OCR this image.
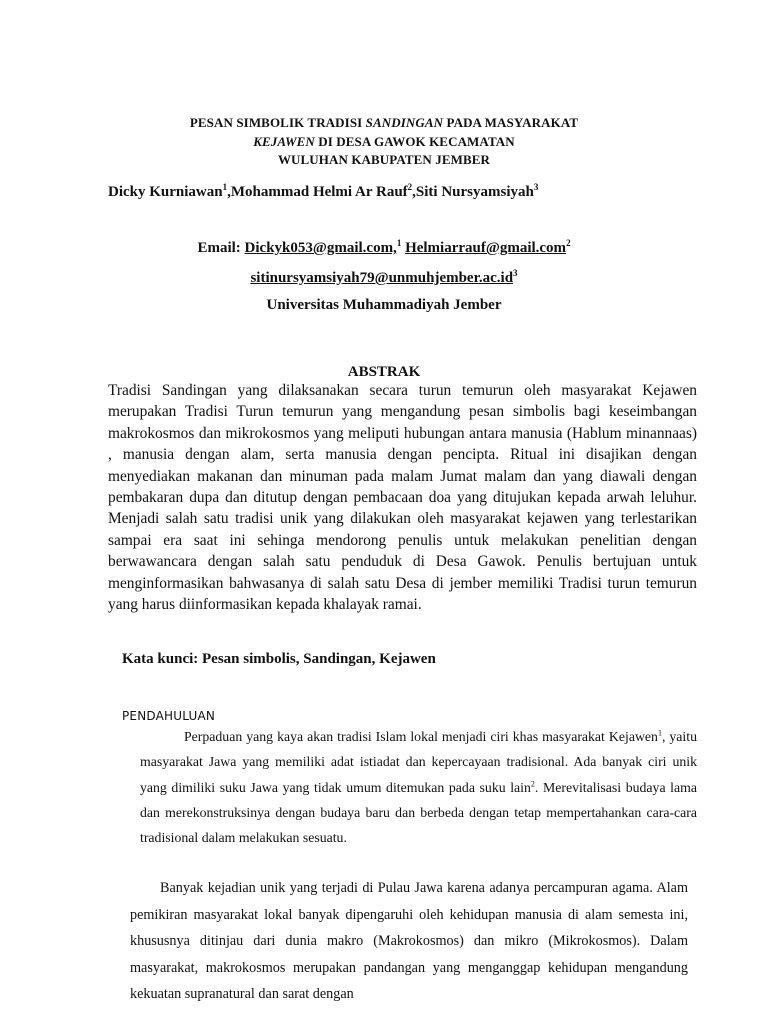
PESAN SIMBOLIK TRADISI SANDINGAN PADA MASYARAKAT
KEJAWEN DI DESA GAWOK KECAMATAN
WULUHAN KABUPATEN JEMBER
Dicky Kurniawan$^1$,Mohammad Helmi Ar Rauf$^2$,Siti Nursyamsiyah$^3$
Email: Dickyk053@gmail.com,$^1$ Helmiarrauf@gmail.com$^2$
$sitinursyamsiyah79@unmuhjember.ac.id^3$
Universitas Muhammadiyah Jember
ABSTRAK
Tradisi Sandingan yang dilaksanakan secara turun temurun oleh masyarakat Kejawen merupakan Tradisi Turun temurun yang mengandung pesan simbolis bagi keseimbangan makrokosmos dan mikrokosmos yang meliputi hubungan antara manusia (Hablum minannaas) , manusia dengan alam, serta manusia dengan pencipta. Ritual ini disajikan dengan menyediakan makanan dan minuman pada malam Jumat malam dan yang diawali dengan pembakaran dupa dan ditutup dengan pembacaan doa yang ditujukan kepada arwah leluhur. Menjadi salah satu tradisi unik yang dilakukan oleh masyarakat kejawen yang terlestarikan sampai era saat ini sehinga mendorong penulis untuk melakukan penelitian dengan berwawancara dengan salah satu penduduk di Desa Gawok. Penulis bertujuan untuk menginformasikan bahwasanya di salah satu Desa di jember memiliki Tradisi turun temurun yang harus diinformasikan kepada khalayak ramai.
Kata kunci: Pesan simbolis, Sandingan, Kejawen
PENDAHULUAN
Perpaduan yang kaya akan tradisi Islam lokal menjadi ciri khas masyarakat Kejawen$^1$, yaitu masyarakat Jawa yang memiliki adat istiadat dan kepercayaan tradisional. Ada banyak ciri unik yang dimiliki suku Jawa yang tidak umum ditemukan pada suku lain$^2$. Merevitalisasi budaya lama dan merekonstruksinya dengan budaya baru dan berbeda dengan tetap mempertahankan cara-cara tradisional dalam melakukan sesuatu.
Banyak kejadian unik yang terjadi di Pulau Jawa karena adanya percampuran agama. Alam pemikiran masyarakat lokal banyak dipengaruhi oleh kehidupan manusia di alam semesta ini, khususnya ditinjau dari dunia makro (Makrokosmos) dan mikro (Mikrokosmos). Dalam masyarakat, makrokosmos merupakan pandangan yang menganggap kehidupan mengandung kekuatan supranatural dan sarat dengan
